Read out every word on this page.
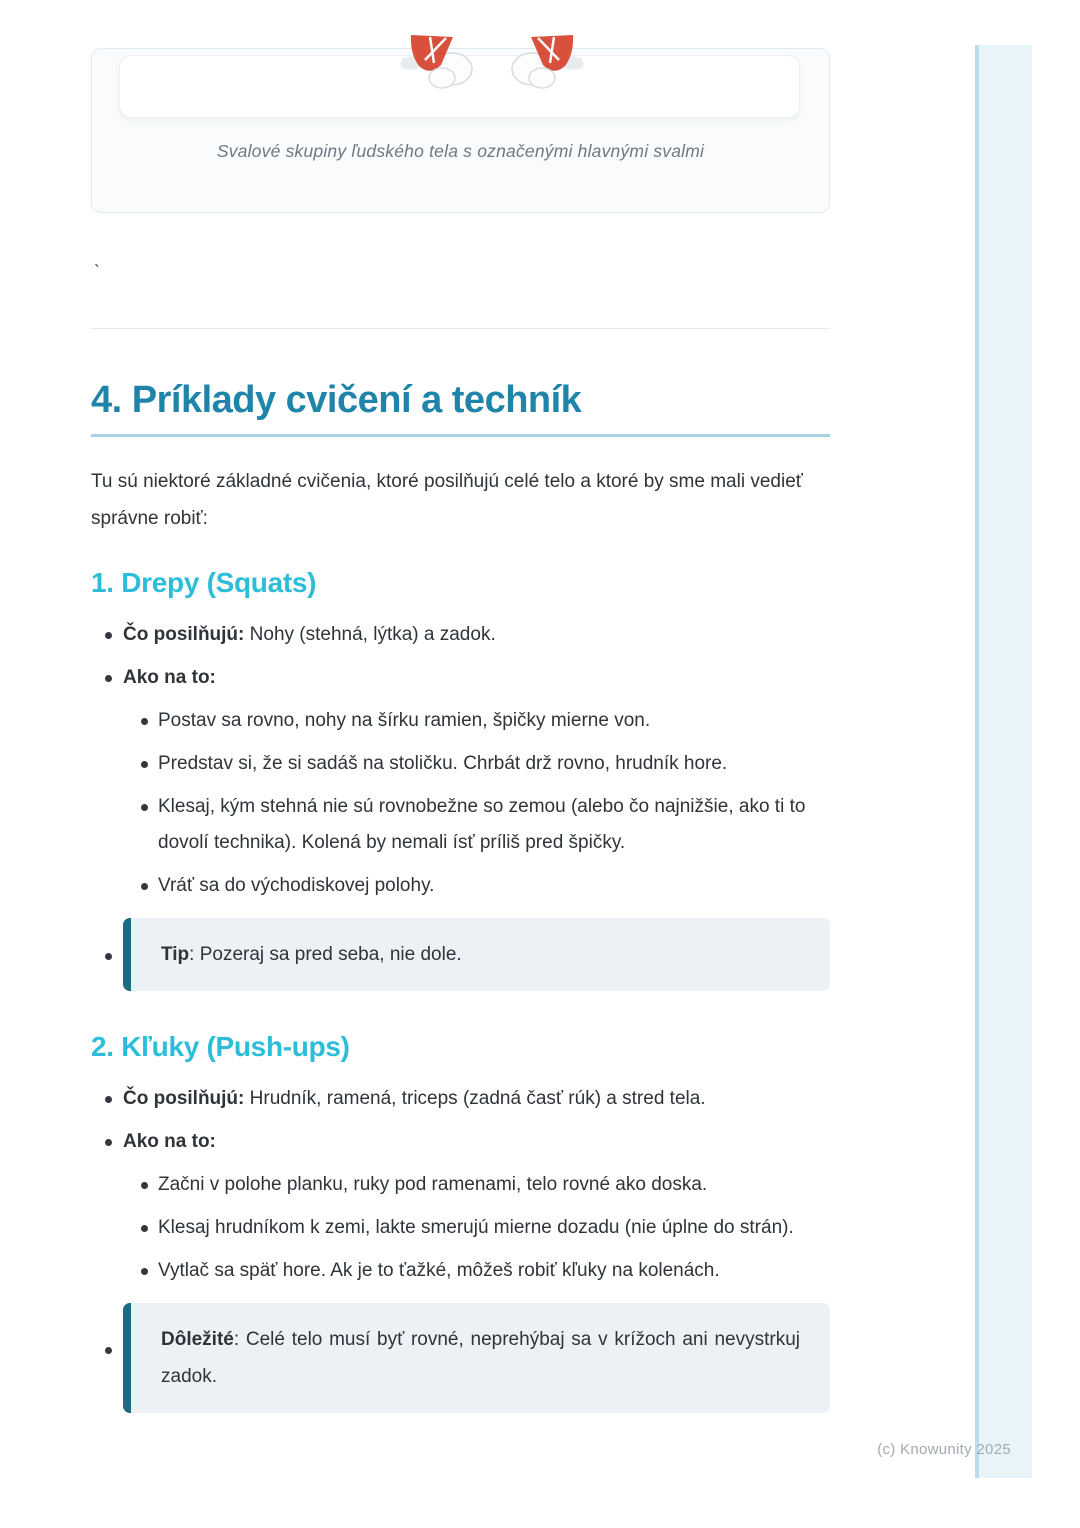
Svalové skupiny ľudského tela s označenými hlavnými svalmi
`
4. Príklady cvičení a techník

Tu sú niektoré základné cvičenia, ktoré posilňujú celé telo a ktoré by sme mali vedieť správne robiť:

1. Drepy (Squats)
Čo posilňujú: Nohy (stehná, lýtka) a zadok.
Ako na to:
Postav sa rovno, nohy na šírku ramien, špičky mierne von.
Predstav si, že si sadáš na stoličku. Chrbát drž rovno, hrudník hore.
Klesaj, kým stehná nie sú rovnobežne so zemou (alebo čo najnižšie, ako ti to dovolí technika). Kolená by nemali ísť príliš pred špičky.
Vráť sa do východiskovej polohy.
Tip: Pozeraj sa pred seba, nie dole.
2. Kľuky (Push-ups)
Čo posilňujú: Hrudník, ramená, triceps (zadná časť rúk) a stred tela.
Ako na to:
Začni v polohe planku, ruky pod ramenami, telo rovné ako doska.
Klesaj hrudníkom k zemi, lakte smerujú mierne dozadu (nie úplne do strán).
Vytlač sa späť hore. Ak je to ťažké, môžeš robiť kľuky na kolenách.
Dôležité: Celé telo musí byť rovné, neprehýbaj sa v krížoch ani nevystrkuj zadok.
(c) Knowunity 2025
